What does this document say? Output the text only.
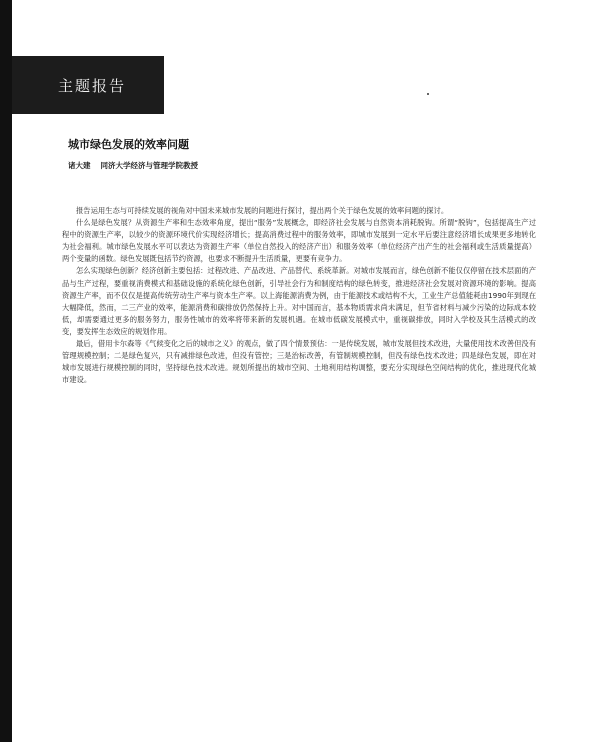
主题报告
城市绿色发展的效率问题
诸大建 同济大学经济与管理学院教授

报告运用生态与可持续发展的视角对中国未来城市发展的问题进行探讨，提出两个关于绿色发展的效率问题的探讨。

什么是绿色发展？从资源生产率和生态效率角度，提出“服务”发展概念，即经济社会发展与自然资本消耗脱钩。所谓“脱钩”，包括提高生产过程中的资源生产率，以较少的资源环境代价实现经济增长；提高消费过程中的服务效率，即城市发展到一定水平后要注意经济增长成果更多地转化为社会福利。城市绿色发展水平可以表达为资源生产率（单位自然投入的经济产出）和服务效率（单位经济产出产生的社会福利或生活质量提高）两个变量的函数。绿色发展既包括节约资源，也要求不断提升生活质量，更要有竞争力。

怎么实现绿色创新？经济创新主要包括：过程改进、产品改进、产品替代、系统革新。对城市发展而言，绿色创新不能仅仅停留在技术层面的产品与生产过程，要重视消费模式和基础设施的系统化绿色创新，引导社会行为和制度结构的绿色转变，推进经济社会发展对资源环境的影响。提高资源生产率，而不仅仅是提高传统劳动生产率与资本生产率。以上海能源消费为例，由于能源技术或结构不大，工业生产总值能耗由1990年到现在大幅降低，然而，二三产业的效率，能源消费和碳排放仍然保持上升。对中国而言，基本物质需求尚未满足，但节省材料与减少污染的边际成本较低，却需要通过更多的服务努力，服务性城市的效率将带来新的发展机遇。在城市低碳发展模式中，重视碳排放，同时入学校及其生活模式的改变，要发挥生态效应的规划作用。

最后，借用卡尔森等《气候变化之后的城市之义》的观点，做了四个情景预估：一是传统发展，城市发展但技术改进，大量使用技术改善但没有管理规模控制；二是绿色复兴，只有减排绿色改进，但没有管控；三是治标改善，有管制规模控制，但没有绿色技术改进；四是绿色发展，即在对城市发展进行规模控制的同时，坚持绿色技术改进。规划所提出的城市空间、土地利用结构调整，要充分实现绿色空间结构的优化，推进现代化城市建设。
